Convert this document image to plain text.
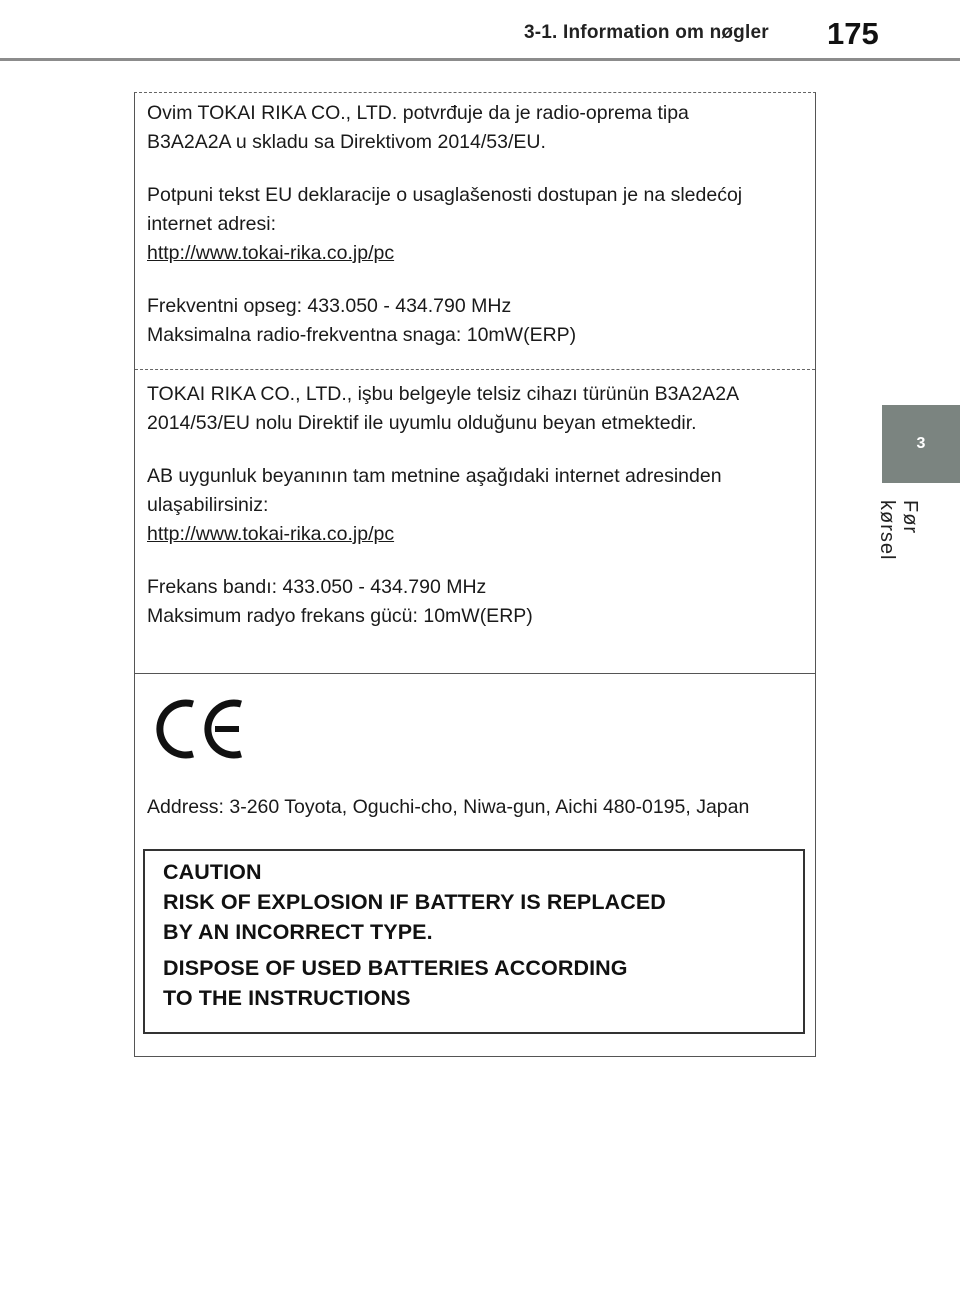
3-1. Information om nøgler 175
3
Før kørsel

Ovim TOKAI RIKA CO., LTD. potvrđuje da je radio-oprema tipa

B3A2A2A u skladu sa Direktivom 2014/53/EU.

Potpuni tekst EU deklaracije o usaglašenosti dostupan je na sledećoj

internet adresi:

http://www.tokai-rika.co.jp/pc

Frekventni opseg: 433.050 - 434.790 MHz

Maksimalna radio-frekventna snaga: 10mW(ERP)

TOKAI RIKA CO., LTD., işbu belgeyle telsiz cihazı türünün B3A2A2A

2014/53/EU nolu Direktif ile uyumlu olduğunu beyan etmektedir.

AB uygunluk beyanının tam metnine aşağıdaki internet adresinden

ulaşabilirsiniz:

http://www.tokai-rika.co.jp/pc

Frekans bandı: 433.050 - 434.790 MHz

Maksimum radyo frekans gücü: 10mW(ERP)

Address: 3-260 Toyota, Oguchi-cho, Niwa-gun, Aichi 480-0195, Japan
CAUTION
RISK OF EXPLOSION IF BATTERY IS REPLACED
BY AN INCORRECT TYPE.
DISPOSE OF USED BATTERIES ACCORDING
TO THE INSTRUCTIONS
